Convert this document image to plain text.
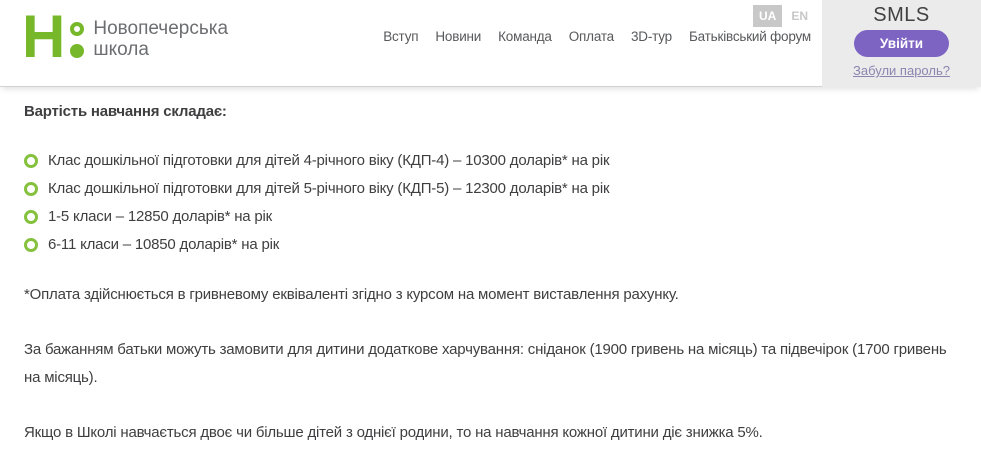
Н Новопечерська
школа
Вступ Новини Команда Оплата 3D-тур Батьківський форум
UA	EN	SMLS
Увійти
Забули пароль?

Вартість навчання складає:

Клас дошкільної підготовки для дітей 4-річного віку (КДП-4) – 10300 доларів* на рік
Клас дошкільної підготовки для дітей 5-річного віку (КДП-5) – 12300 доларів* на рік
1-5 класи – 12850 доларів* на рік
6-11 класи – 10850 доларів* на рік

*Оплата здійснюється в гривневому еквіваленті згідно з курсом на момент виставлення рахунку.

За бажанням батьки можуть замовити для дитини додаткове харчування: сніданок (1900 гривень на місяць) та підвечірок (1700 гривень на місяць).

Якщо в Школі навчається двоє чи більше дітей з однієї родини, то на навчання кожної дитини діє знижка 5%.
